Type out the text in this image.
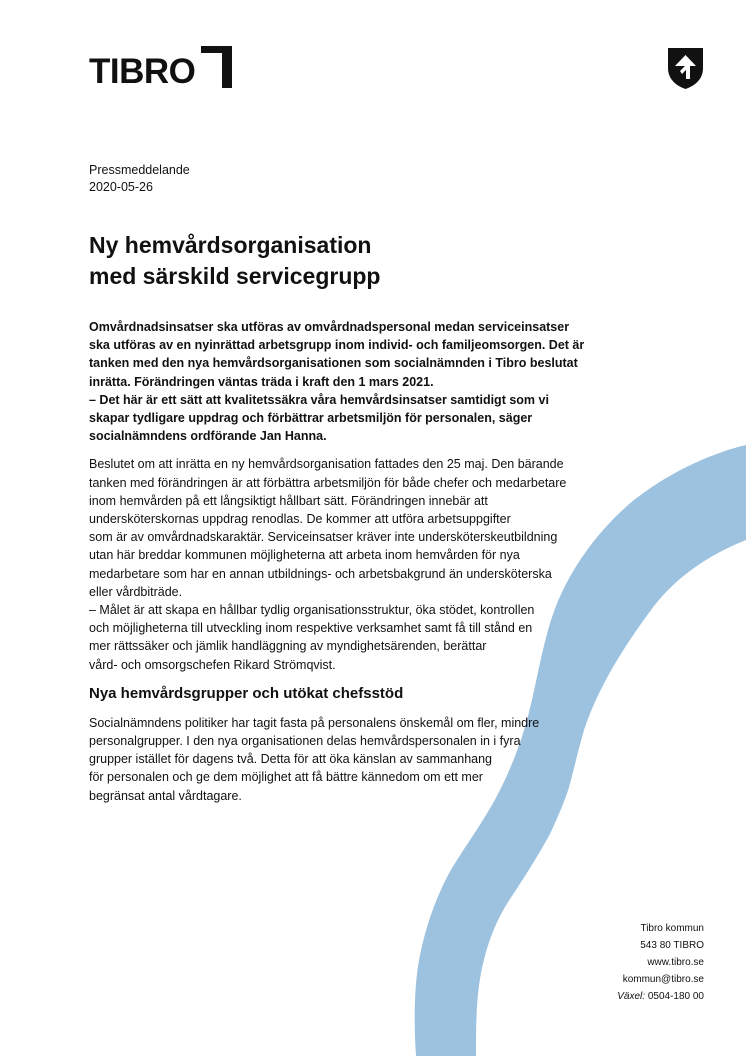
TIBRO
Pressmeddelande
2020-05-26
Ny hemvårdsorganisation
med särskild servicegrupp

Omvårdnadsinsatser ska utföras av omvårdnadspersonal medan serviceinsatser
ska utföras av en nyinrättad arbetsgrupp inom individ- och familjeomsorgen. Det är
tanken med den nya hemvårdsorganisationen som socialnämnden i Tibro beslutat
inrätta. Förändringen väntas träda i kraft den 1 mars 2021.
– Det här är ett sätt att kvalitetssäkra våra hemvårdsinsatser samtidigt som vi
skapar tydligare uppdrag och förbättrar arbetsmiljön för personalen, säger
socialnämndens ordförande Jan Hanna.

Beslutet om att inrätta en ny hemvårdsorganisation fattades den 25 maj. Den bärande
tanken med förändringen är att förbättra arbetsmiljön för både chefer och medarbetare
inom hemvården på ett långsiktigt hållbart sätt. Förändringen innebär att
undersköterskornas uppdrag renodlas. De kommer att utföra arbetsuppgifter
som är av omvårdnadskaraktär. Serviceinsatser kräver inte undersköterskeutbildning
utan här breddar kommunen möjligheterna att arbeta inom hemvården för nya
medarbetare som har en annan utbildnings- och arbetsbakgrund än undersköterska
eller vårdbiträde.
– Målet är att skapa en hållbar tydlig organisationsstruktur, öka stödet, kontrollen
och möjligheterna till utveckling inom respektive verksamhet samt få till stånd en
mer rättssäker och jämlik handläggning av myndighetsärenden, berättar
vård- och omsorgschefen Rikard Strömqvist.

Nya hemvårdsgrupper och utökat chefsstöd

Socialnämndens politiker har tagit fasta på personalens önskemål om fler, mindre
personalgrupper. I den nya organisationen delas hemvårdspersonalen in i fyra
grupper istället för dagens två. Detta för att öka känslan av sammanhang
för personalen och ge dem möjlighet att få bättre kännedom om ett mer
begränsat antal vårdtagare.

Tibro kommun
543 80 TIBRO
www.tibro.se
kommun@tibro.se
Växel: 0504-180 00
